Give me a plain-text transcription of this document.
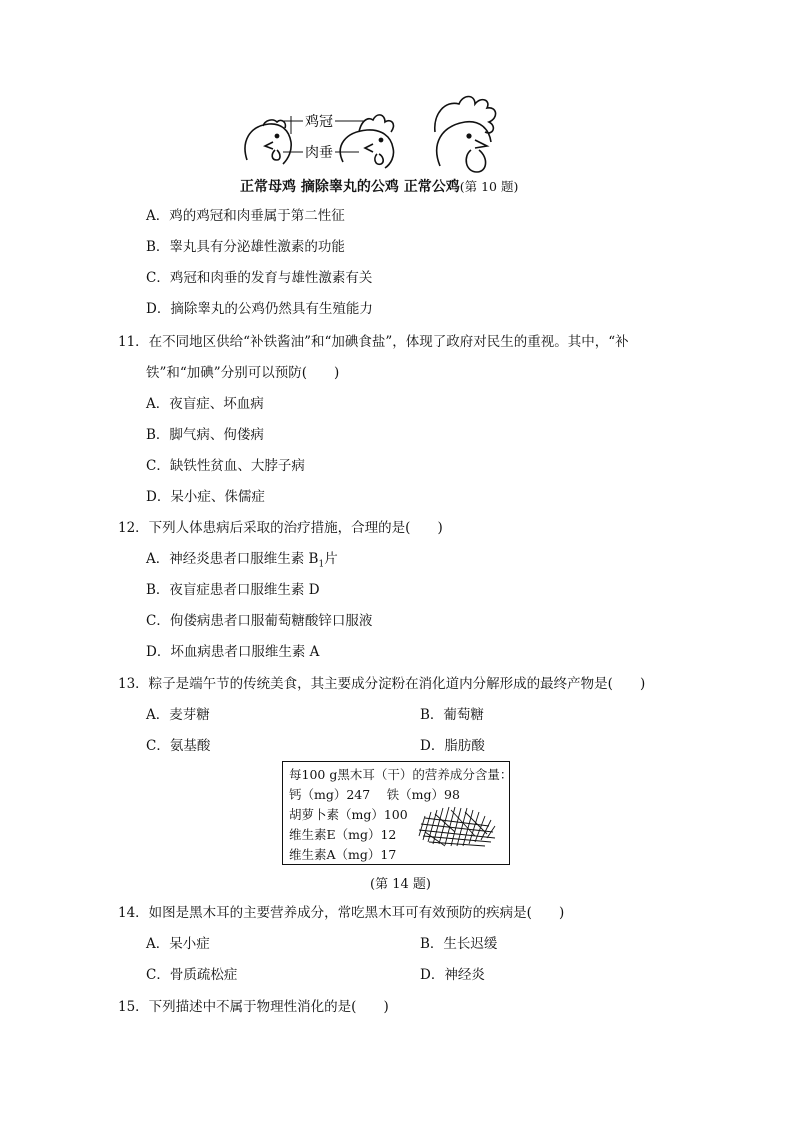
鸡冠
肉垂
正常母鸡 摘除睾丸的公鸡 正常公鸡(第 10 题)
A．鸡的鸡冠和肉垂属于第二性征
B．睾丸具有分泌雄性激素的功能
C．鸡冠和肉垂的发育与雄性激素有关
D．摘除睾丸的公鸡仍然具有生殖能力
11．在不同地区供给“补铁酱油”和“加碘食盐”，体现了政府对民生的重视。其中，“补
铁”和“加碘”分别可以预防(　　)
A．夜盲症、坏血病
B．脚气病、佝偻病
C．缺铁性贫血、大脖子病
D．呆小症、侏儒症
12．下列人体患病后采取的治疗措施，合理的是(　　)
A．神经炎患者口服维生素 $B_1$片
B．夜盲症患者口服维生素 D
C．佝偻病患者口服葡萄糖酸锌口服液
D．坏血病患者口服维生素 A
13．粽子是端午节的传统美食，其主要成分淀粉在消化道内分解形成的最终产物是(　　)
A．麦芽糖	B．葡萄糖
C．氨基酸	D．脂肪酸
每100 g黑木耳（干）的营养成分含量：
钙（mg）247　 铁（mg）98
胡萝卜素（mg）100
维生素E（mg）12
维生素A（mg）17
(第 14 题)
14．如图是黑木耳的主要营养成分，常吃黑木耳可有效预防的疾病是(　　)
A．呆小症	B．生长迟缓
C．骨质疏松症	D．神经炎
15．下列描述中不属于物理性消化的是(　　)
